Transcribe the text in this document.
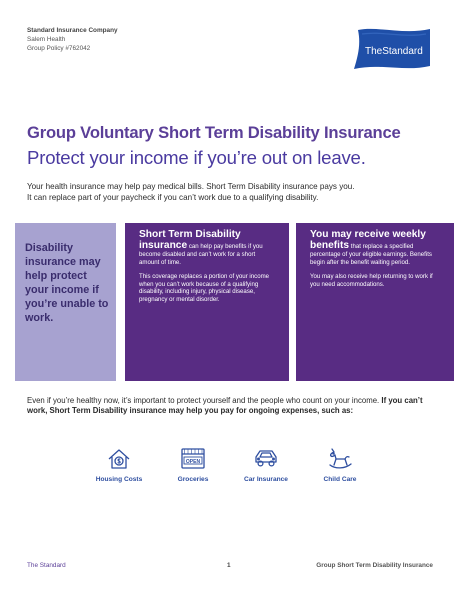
Standard Insurance Company
Salem Health
Group Policy #762042	TheStandard
Group Voluntary Short Term Disability Insurance
Protect your income if you’re out on leave.
Your health insurance may help pay medical bills. Short Term Disability insurance pays you.
It can replace part of your paycheck if you can’t work due to a qualifying disability.
Disability insurance may help protect your income if you’re unable to work.
Short Term Disability insurance can help pay benefits if you become disabled and can’t work for a short amount of time.
This coverage replaces a portion of your income when you can’t work because of a qualifying disability, including injury, physical disease, pregnancy or mental disorder.
You may receive weekly benefits that replace a specified percentage of your eligible earnings. Benefits begin after the benefit waiting period.
You may also receive help returning to work if you need accommodations.
Even if you’re healthy now, it’s important to protect yourself and the people who count on your income. If you can’t work, Short Term Disability insurance may help you pay for ongoing expenses, such as:
Housing Costs
OPEN
Groceries	Car Insurance	Child Care
The Standard	1	Group Short Term Disability Insurance
